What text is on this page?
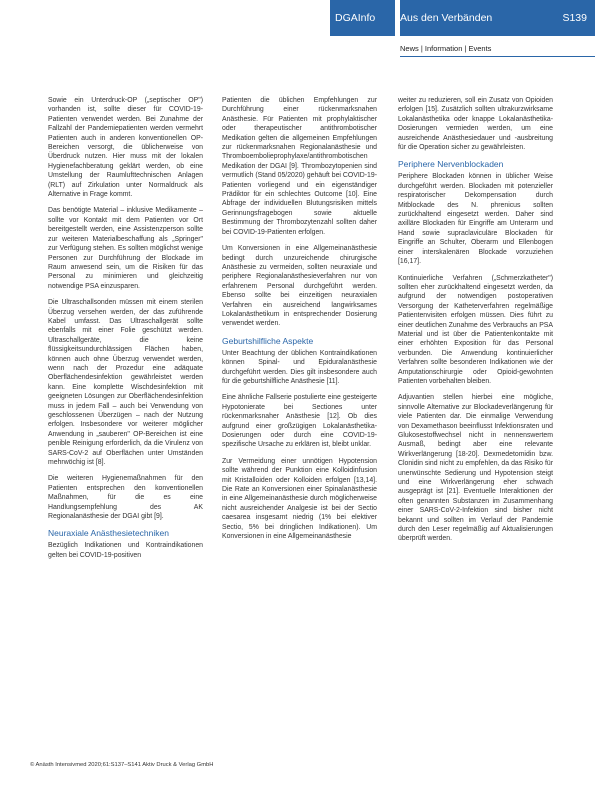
DGAInfo	Aus den Verbänden	S139
News | Information | Events

Sowie ein Unterdruck-OP („septischer OP") vorhanden ist, sollte dieser für COVID-19-Patienten verwendet werden. Bei Zunahme der Fallzahl der Pandemiepatienten werden vermehrt Patienten auch in anderen konventionellen OP-Bereichen versorgt, die üblicherweise von Überdruck nutzen. Hier muss mit der lokalen Hygienefachberatung geklärt werden, ob eine Umstellung der Raumlufttechnischen Anlagen (RLT) auf Zirkulation unter Normaldruck als Alternative in Frage kommt.

Das benötigte Material – inklusive Medikamente – sollte vor Kontakt mit dem Patienten vor Ort bereitgestellt werden, eine Assistenzperson sollte zur weiteren Materialbeschaffung als „Springer" zur Verfügung stehen. Es sollten möglichst wenige Personen zur Durchführung der Blockade im Raum anwesend sein, um die Risiken für das Personal zu minimieren und gleichzeitig notwendige PSA einzusparen.

Die Ultraschallsonden müssen mit einem sterilen Überzug versehen werden, der das zuführende Kabel umfasst. Das Ultraschallgerät sollte ebenfalls mit einer Folie geschützt werden. Ultraschallgeräte, die keine flüssigkeitsundurchlässigen Flächen haben, können auch ohne Überzug verwendet werden, wenn nach der Prozedur eine adäquate Oberflächendesinfektion gewährleistet werden kann. Eine komplette Wischdesinfektion mit geeigneten Lösungen zur Oberflächendesinfektion muss in jedem Fall – auch bei Verwendung von geschlossenen Überzügen – nach der Nutzung erfolgen. Insbesondere vor weiterer möglicher Anwendung in „sauberen" OP-Bereichen ist eine penible Reinigung erforderlich, da die Virulenz von SARS-CoV-2 auf Oberflächen unter Umständen mehrwöchig ist [8].

Die weiteren Hygienemaßnahmen für den Patienten entsprechen den konventionellen Maßnahmen, für die es eine Handlungsempfehlung des AK Regionalanästhesie der DGAI gibt [9].

Neuraxiale Anästhesietechniken

Bezüglich Indikationen und Kontraindikationen gelten bei COVID-19-positiven

Patienten die üblichen Empfehlungen zur Durchführung einer rückenmarksnahen Anästhesie. Für Patienten mit prophylaktischer oder therapeutischer antithrombotischer Medikation gelten die allgemeinen Empfehlungen zur rückenmarksnahen Regionalanästhesie und Thromboembolieprophylaxe/antithrombotischen Medikation der DGAI [9]. Thrombozytopenien sind vermutlich (Stand 05/2020) gehäuft bei COVID-19-Patienten vorliegend und ein eigenständiger Prädiktor für ein schlechtes Outcome [10]. Eine Abfrage der individuellen Blutungsrisiken mittels Gerinnungsfragebogen sowie aktuelle Bestimmung der Thrombozytenzahl sollten daher bei COVID-19-Patienten erfolgen.

Um Konversionen in eine Allgemeinanästhesie bedingt durch unzureichende chirurgische Anästhesie zu vermeiden, sollten neuraxiale und periphere Regionalanästhesieverfahren nur von erfahrenem Personal durchgeführt werden. Ebenso sollte bei einzeitigen neuraxialen Verfahren ein ausreichend langwirksames Lokalanästhetikum in entsprechender Dosierung verwendet werden.

Geburtshilfliche Aspekte

Unter Beachtung der üblichen Kontraindikationen können Spinal- und Epiduralanästhesie durchgeführt werden. Dies gilt insbesondere auch für die geburtshilfliche Anästhesie [11].

Eine ähnliche Fallserie postulierte eine gesteigerte Hypotonierate bei Sectiones unter rückenmarksnaher Anästhesie [12]. Ob dies aufgrund einer großzügigen Lokalanästhetika-Dosierungen oder durch eine COVID-19-spezifische Ursache zu erklären ist, bleibt unklar.

Zur Vermeidung einer unnötigen Hypotension sollte während der Punktion eine Kolloidinfusion mit Kristalloiden oder Kolloiden erfolgen [13,14]. Die Rate an Konversionen einer Spinalanästhesie in eine Allgemeinanästhesie durch möglicherweise nicht ausreichender Analgesie ist bei der Sectio caesarea insgesamt niedrig (1% bei elektiver Sectio, 5% bei dringlichen Indikationen). Um Konversionen in eine Allgemeinanästhesie

weiter zu reduzieren, soll ein Zusatz von Opioiden erfolgen [15]. Zusätzlich sollten ultrakurzwirksame Lokalanästhetika oder knappe Lokalanästhetika-Dosierungen vermieden werden, um eine ausreichende Anästhesiedauer und -ausbreitung für die Operation sicher zu gewährleisten.

Periphere Nervenblockaden

Periphere Blockaden können in üblicher Weise durchgeführt werden. Blockaden mit potenzieller respiratorischer Dekompensation durch Mitblockade des N. phrenicus sollten zurückhaltend eingesetzt werden. Daher sind axilläre Blockaden für Eingriffe am Unterarm und Hand sowie supraclaviculäre Blockaden für Eingriffe an Schulter, Oberarm und Ellenbogen einer interskalenären Blockade vorzuziehen [16,17].

Kontinuierliche Verfahren („Schmerzkatheter") sollten eher zurückhaltend eingesetzt werden, da aufgrund der notwendigen postoperativen Versorgung der Katheterverfahren regelmäßige Patientenvisiten erfolgen müssen. Dies führt zu einer deutlichen Zunahme des Verbrauchs an PSA Material und ist über die Patientenkontakte mit einer erhöhten Exposition für das Personal verbunden. Die Anwendung kontinuierlicher Verfahren sollte besonderen Indikationen wie der Amputationschirurgie oder Opioid-gewohnten Patienten vorbehalten bleiben.

Adjuvantien stellen hierbei eine mögliche, sinnvolle Alternative zur Blockadeverlängerung für viele Patienten dar. Die einmalige Verwendung von Dexamethason beeinflusst Infektionsraten und Glukosestoffwechsel nicht in nennenswertem Ausmaß, bedingt aber eine relevante Wirkverlängerung [18-20]. Dexmedetomidin bzw. Clonidin sind nicht zu empfehlen, da das Risiko für unerwünschte Sedierung und Hypotension steigt und eine Wirkverlängerung eher schwach ausgeprägt ist [21]. Eventuelle Interaktionen der often genannten Substanzen im Zusammenhang einer SARS-CoV-2-Infektion sind bisher nicht bekannt und sollten im Verlauf der Pandemie durch den Leser regelmäßig auf Aktualisierungen überprüft werden.

© Anästh Intensivmed 2020;61:S137–S141 Aktiv Druck & Verlag GmbH
